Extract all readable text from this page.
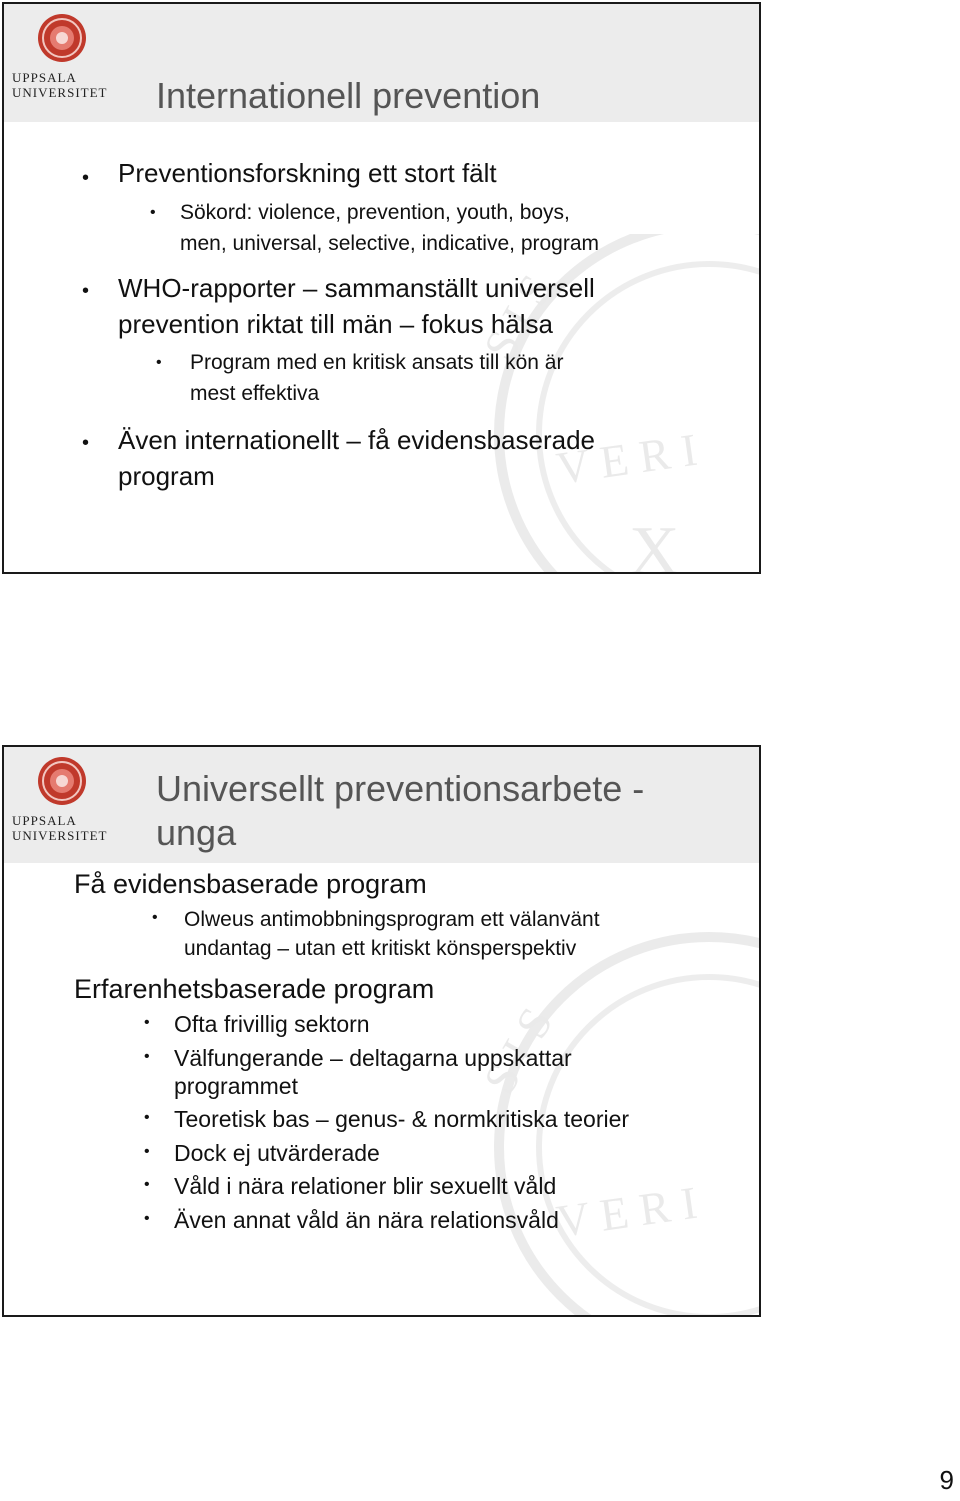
V E R I
S I S
X
UPPSALA
UNIVERSITET Internationell prevention
• Preventionsforskning ett stort fält
• Sökord: violence, prevention, youth, boys,
men, universal, selective, indicative, program
• WHO-rapporter – sammanställt universell
prevention riktat till män – fokus hälsa
• Program med en kritisk ansats till kön är
mest effektiva
• Även internationellt – få evidensbaserade
program
V E R I
S I S
UPPSALA
UNIVERSITET
Universellt preventionsarbete -
unga
Få evidensbaserade program
• Olweus antimobbningsprogram ett välanvänt
undantag – utan ett kritiskt könsperspektiv
Erfarenhetsbaserade program
• Ofta frivillig sektorn
• Välfungerande – deltagarna uppskattar
programmet
• Teoretisk bas – genus- & normkritiska teorier
• Dock ej utvärderade
• Våld i nära relationer blir sexuellt våld
• Även annat våld än nära relationsvåld
9
